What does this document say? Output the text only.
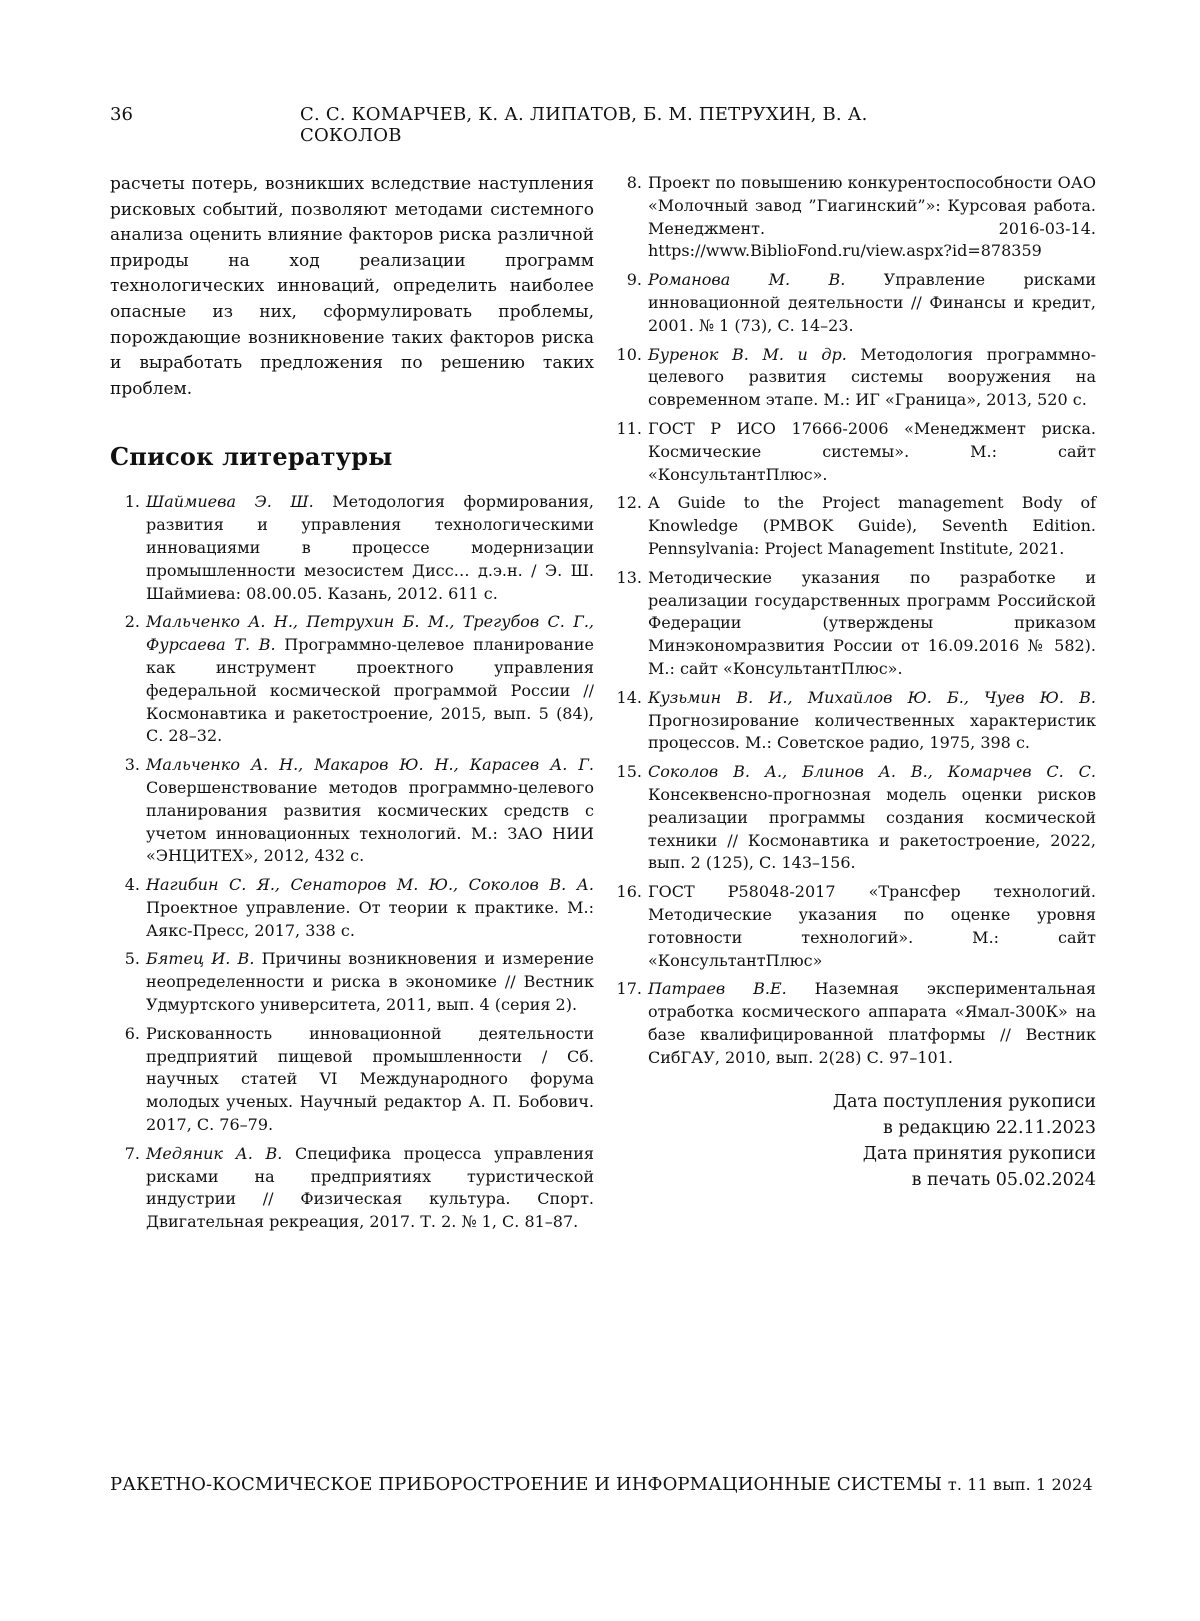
36	С. С. КОМАРЧЕВ, К. А. ЛИПАТОВ, Б. М. ПЕТРУХИН, В. А. СОКОЛОВ

расчеты потерь, возникших вследствие наступления рисковых событий, позволяют методами системного анализа оценить влияние факторов риска различной природы на ход реализации программ технологических инноваций, определить наиболее опасные из них, сформулировать проблемы, порождающие возникновение таких факторов риска и выработать предложения по решению таких проблем.

Список литературы
1. Шаймиева Э. Ш. Методология формирования, развития и управления технологическими инновациями в процессе модернизации промышленности мезосистем Дисс… д.э.н. / Э. Ш. Шаймиева: 08.00.05. Казань, 2012. 611 с.
2. Мальченко А. Н., Петрухин Б. М., Трегубов С. Г., Фурсаева Т. В. Программно-целевое планирование как инструмент проектного управления федеральной космической программой России // Космонавтика и ракетостроение, 2015, вып. 5 (84), С. 28–32.
3. Мальченко А. Н., Макаров Ю. Н., Карасев А. Г. Совершенствование методов программно-целевого планирования развития космических средств с учетом инновационных технологий. М.: ЗАО НИИ «ЭНЦИТЕХ», 2012, 432 с.
4. Нагибин С. Я., Сенаторов М. Ю., Соколов В. А. Проектное управление. От теории к практике. М.: Аякс-Пресс, 2017, 338 с.
5. Бятец И. В. Причины возникновения и измерение неопределенности и риска в экономике // Вестник Удмуртского университета, 2011, вып. 4 (серия 2).
6. Рискованность инновационной деятельности предприятий пищевой промышленности / Сб. научных статей VI Международного форума молодых ученых. Научный редактор А. П. Бобович. 2017, С. 76–79.
7. Медяник А. В. Специфика процесса управления рисками на предприятиях туристической индустрии // Физическая культура. Спорт. Двигательная рекреация, 2017. Т. 2. № 1, С. 81–87.
8. Проект по повышению конкурентоспособности ОАО «Молочный завод ”Гиагинский”»: Курсовая работа. Менеджмент. 2016-03-14. https://www.BiblioFond.ru/view.aspx?id=878359
9. Романова М. В. Управление рисками инновационной деятельности // Финансы и кредит, 2001. № 1 (73), С. 14–23.
10. Буренок В. М. и др. Методология программно-целевого развития системы вооружения на современном этапе. М.: ИГ «Граница», 2013, 520 с.
11. ГОСТ Р ИСО 17666-2006 «Менеджмент риска. Космические системы». М.: сайт «КонсультантПлюс».
12. A Guide to the Project management Body of Knowledge (PMBOK Guide), Seventh Edition. Pennsylvania: Project Management Institute, 2021.
13. Методические указания по разработке и реализации государственных программ Российской Федерации (утверждены приказом Минэкономразвития России от 16.09.2016 № 582). М.: сайт «КонсультантПлюс».
14. Кузьмин В. И., Михайлов Ю. Б., Чуев Ю. В. Прогнозирование количественных характеристик процессов. М.: Советское радио, 1975, 398 с.
15. Соколов В. А., Блинов А. В., Комарчев С. С. Консеквенсно-прогнозная модель оценки рисков реализации программы создания космической техники // Космонавтика и ракетостроение, 2022, вып. 2 (125), С. 143–156.
16. ГОСТ Р58048-2017 «Трансфер технологий. Методические указания по оценке уровня готовности технологий». М.: сайт «КонсультантПлюс»
17. Патраев В.Е. Наземная экспериментальная отработка космического аппарата «Ямал-300К» на базе квалифицированной платформы // Вестник СибГАУ, 2010, вып. 2(28) С. 97–101.
Дата поступления рукописи
в редакцию 22.11.2023
Дата принятия рукописи
в печать 05.02.2024
РАКЕТНО-КОСМИЧЕСКОЕ ПРИБОРОСТРОЕНИЕ И ИНФОРМАЦИОННЫЕ СИСТЕМЫ т. 11 вып. 1 2024
